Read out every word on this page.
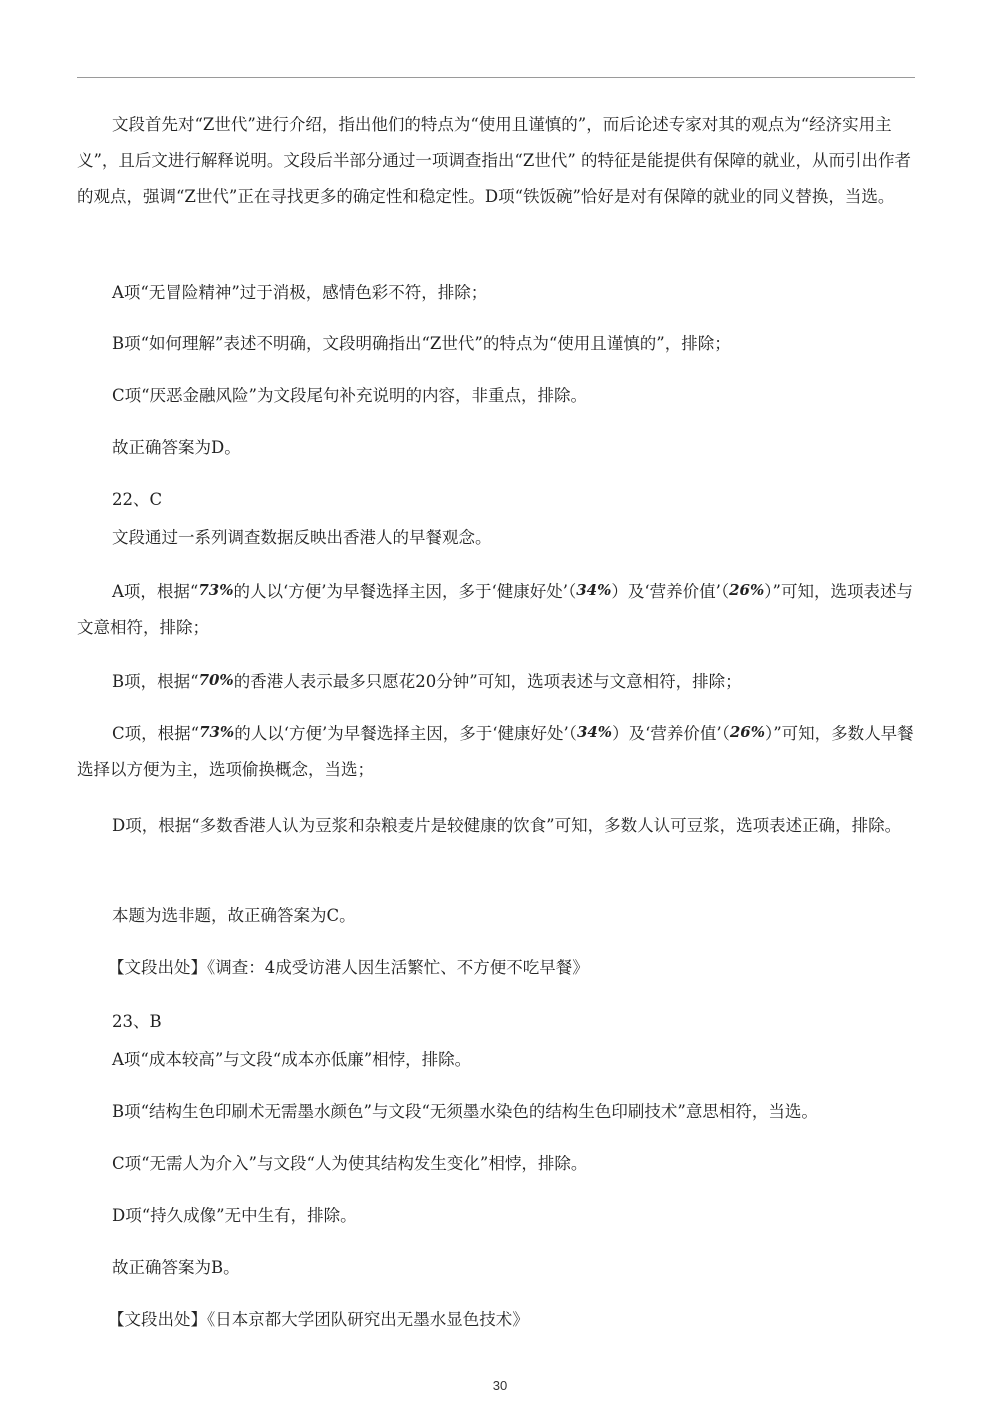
文段首先对“Z世代”进行介绍，指出他们的特点为“使用且谨慎的”，而后论述专家对其的观点为“经济实用主义”，且后文进行解释说明。文段后半部分通过一项调查指出“Z世代” 的特征是能提供有保障的就业，从而引出作者的观点，强调“Z世代”正在寻找更多的确定性和稳定性。D项“铁饭碗”恰好是对有保障的就业的同义替换，当选。

A项“无冒险精神”过于消极，感情色彩不符，排除；

B项“如何理解”表述不明确，文段明确指出“Z世代”的特点为“使用且谨慎的”，排除；

C项“厌恶金融风险”为文段尾句补充说明的内容，非重点，排除。

故正确答案为D。

22、C

文段通过一系列调查数据反映出香港人的早餐观念。

A项，根据“73%的人以‘方便’为早餐选择主因，多于‘健康好处’（34%）及‘营养价值’（26%）”可知，选项表述与文意相符，排除；

B项，根据“70%的香港人表示最多只愿花20分钟”可知，选项表述与文意相符，排除；

C项，根据“73%的人以‘方便’为早餐选择主因，多于‘健康好处’（34%）及‘营养价值’（26%）”可知，多数人早餐选择以方便为主，选项偷换概念，当选；

D项，根据“多数香港人认为豆浆和杂粮麦片是较健康的饮食”可知，多数人认可豆浆，选项表述正确，排除。

本题为选非题，故正确答案为C。

【文段出处】《调查：4成受访港人因生活繁忙、不方便不吃早餐》

23、B

A项“成本较高”与文段“成本亦低廉”相悖，排除。

B项“结构生色印刷术无需墨水颜色”与文段“无须墨水染色的结构生色印刷技术”意思相符，当选。

C项“无需人为介入”与文段“人为使其结构发生变化”相悖，排除。

D项“持久成像”无中生有，排除。

故正确答案为B。

【文段出处】《日本京都大学团队研究出无墨水显色技术》

30
